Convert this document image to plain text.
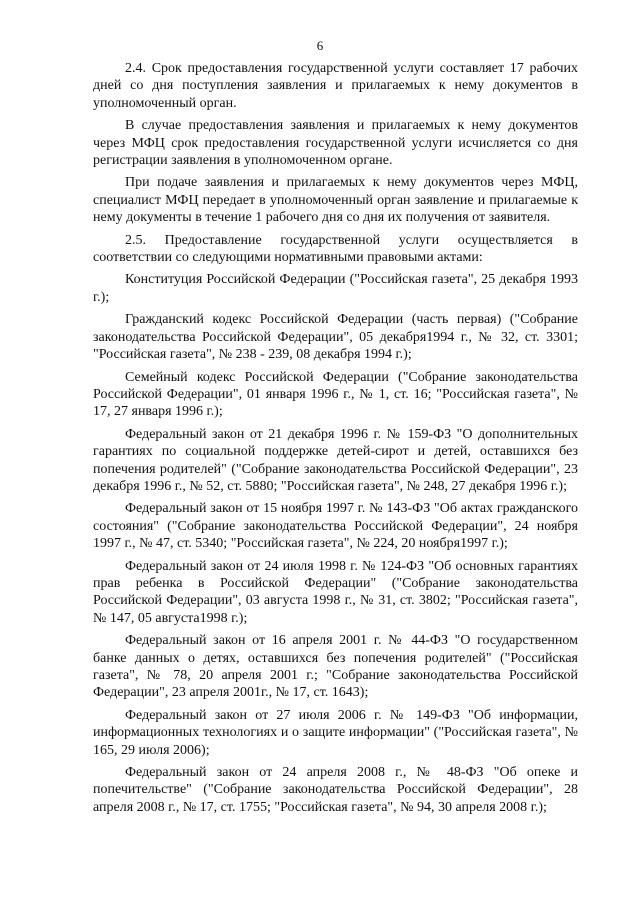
6

2.4. Срок предоставления государственной услуги составляет 17 рабочих дней со дня поступления заявления и прилагаемых к нему документов в уполномоченный орган.

В случае предоставления заявления и прилагаемых к нему документов через МФЦ срок предоставления государственной услуги исчисляется со дня регистрации заявления в уполномоченном органе.

При подаче заявления и прилагаемых к нему документов через МФЦ, специалист МФЦ передает в уполномоченный орган заявление и прилагаемые к нему документы в течение 1 рабочего дня со дня их получения от заявителя.

2.5. Предоставление государственной услуги осуществляется в соответствии со следующими нормативными правовыми актами:

Конституция Российской Федерации ("Российская газета", 25 декабря 1993 г.);

Гражданский кодекс Российской Федерации (часть первая) ("Собрание законодательства Российской Федерации", 05 декабря1994 г., № 32, ст. 3301; "Российская газета", № 238 - 239, 08 декабря 1994 г.);

Семейный кодекс Российской Федерации ("Собрание законодательства Российской Федерации", 01 января 1996 г., № 1, ст. 16; "Российская газета", № 17, 27 января 1996 г.);

Федеральный закон от 21 декабря 1996 г. № 159-ФЗ "О дополнительных гарантиях по социальной поддержке детей-сирот и детей, оставшихся без попечения родителей" ("Собрание законодательства Российской Федерации", 23 декабря 1996 г., № 52, ст. 5880; "Российская газета", № 248, 27 декабря 1996 г.);

Федеральный закон от 15 ноября 1997 г. № 143-ФЗ "Об актах гражданского состояния" ("Собрание законодательства Российской Федерации", 24 ноября 1997 г., № 47, ст. 5340; "Российская газета", № 224, 20 ноября1997 г.);

Федеральный закон от 24 июля 1998 г. № 124-ФЗ "Об основных гарантиях прав ребенка в Российской Федерации" ("Собрание законодательства Российской Федерации", 03 августа 1998 г., № 31, ст. 3802; "Российская газета", № 147, 05 августа1998 г.);

Федеральный закон от 16 апреля 2001 г. № 44-ФЗ "О государственном банке данных о детях, оставшихся без попечения родителей" ("Российская газета", № 78, 20 апреля 2001 г.; "Собрание законодательства Российской Федерации", 23 апреля 2001г., № 17, ст. 1643);

Федеральный закон от 27 июля 2006 г. № 149-ФЗ "Об информации, информационных технологиях и о защите информации" ("Российская газета", № 165, 29 июля 2006);

Федеральный закон от 24 апреля 2008 г., № 48-ФЗ "Об опеке и попечительстве" ("Собрание законодательства Российской Федерации", 28 апреля 2008 г., № 17, ст. 1755; "Российская газета", № 94, 30 апреля 2008 г.);
